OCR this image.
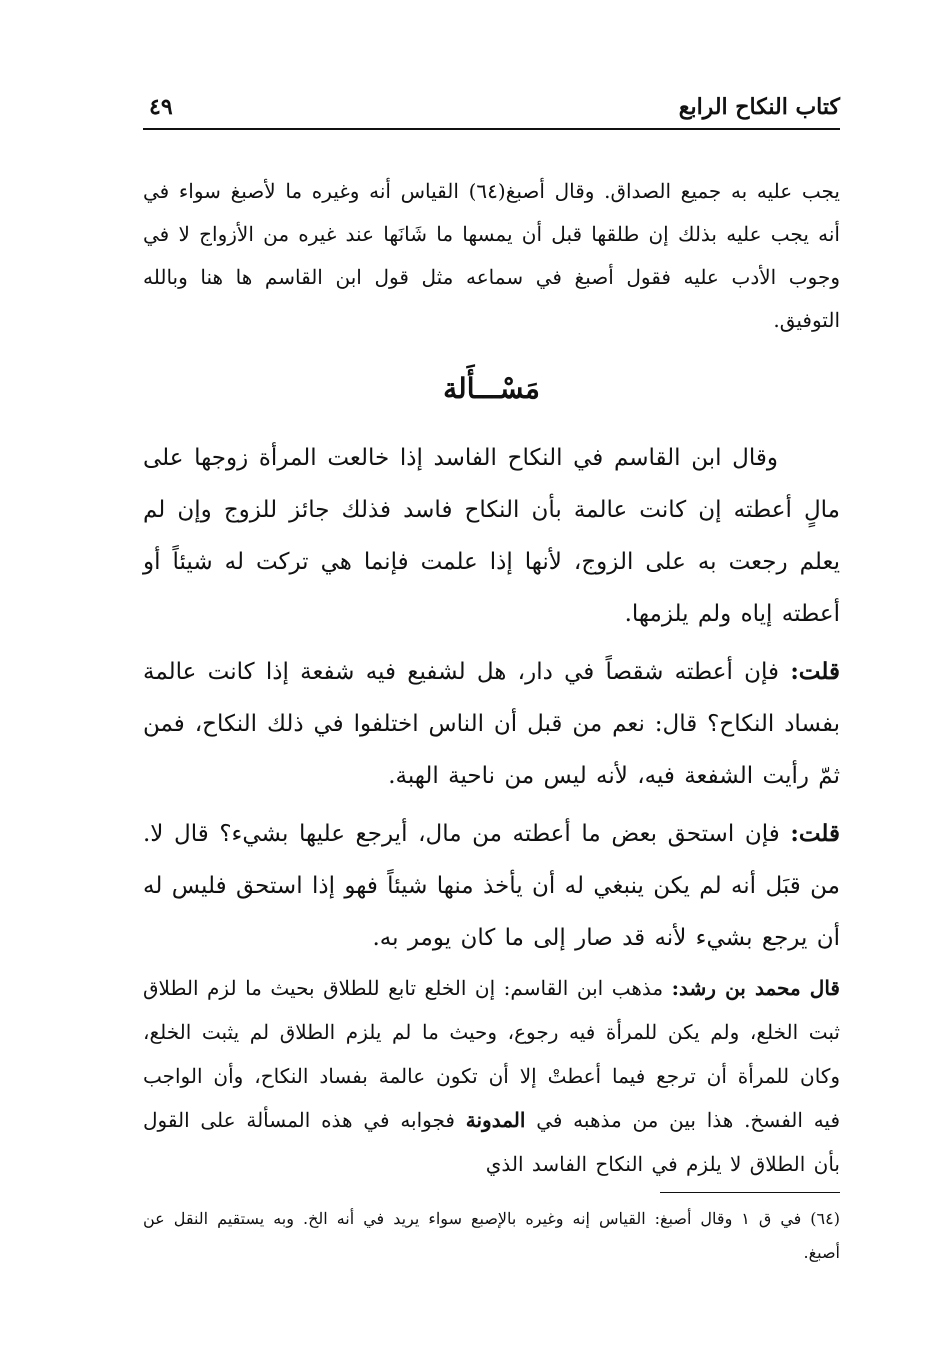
كتاب النكاح الرابع
٤٩

يجب عليه به جميع الصداق. وقال أصبغ(٦٤) القياس أنه وغيره ما لأصبغ سواء في أنه يجب عليه بذلك إن طلقها قبل أن يمسها ما شَانَها عند غيره من الأزواج لا في وجوب الأدب عليه فقول أصبغ في سماعه مثل قول ابن القاسم ها هنا وبالله التوفيق.

مَسْـــأَلة

وقال ابن القاسم في النكاح الفاسد إذا خالعت المرأة زوجها على مالٍ أعطته إن كانت عالمة بأن النكاح فاسد فذلك جائز للزوج وإن لم يعلم رجعت به على الزوج، لأنها إذا علمت فإنما هي تركت له شيئاً أو أعطته إياه ولم يلزمها.

قلت: فإن أعطته شقصاً في دار، هل لشفيع فيه شفعة إذا كانت عالمة بفساد النكاح؟ قال: نعم من قبل أن الناس اختلفوا في ذلك النكاح، فمن ثمّ رأيت الشفعة فيه، لأنه ليس من ناحية الهبة.

قلت: فإن استحق بعض ما أعطته من مال، أيرجع عليها بشيء؟ قال لا. من قبَل أنه لم يكن ينبغي له أن يأخذ منها شيئاً فهو إذا استحق فليس له أن يرجع بشيء لأنه قد صار إلى ما كان يومر به.

قال محمد بن رشد: مذهب ابن القاسم: إن الخلع تابع للطلاق بحيث ما لزم الطلاق ثبت الخلع، ولم يكن للمرأة فيه رجوع، وحيث ما لم يلزم الطلاق لم يثبت الخلع، وكان للمرأة أن ترجع فيما أعطتْ إلا أن تكون عالمة بفساد النكاح، وأن الواجب فيه الفسخ. هذا بين من مذهبه في المدونة فجوابه في هذه المسألة على القول بأن الطلاق لا يلزم في النكاح الفاسد الذي

(٦٤) في ق ١ وقال أصبغ: القياس إنه وغيره بالإصبع سواء يريد في أنه الخ. وبه يستقيم النقل عن أصبغ.
